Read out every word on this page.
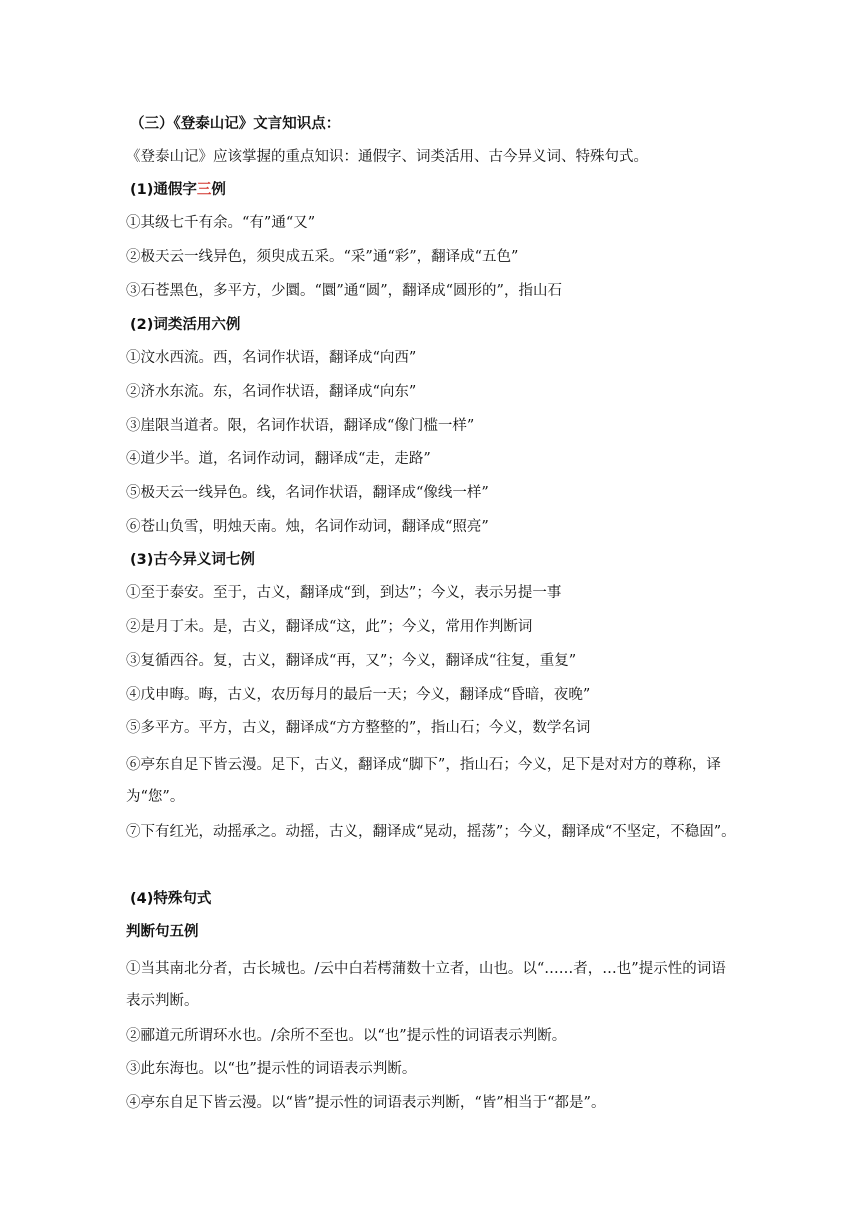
（三）《登泰山记》文言知识点：
《登泰山记》应该掌握的重点知识：通假字、词类活用、古今异义词、特殊句式。
(1)通假字三例
①其级七千有余。“有”通“又”
②极天云一线异色，须臾成五采。“采”通“彩”，翻译成“五色”
③石苍黑色，多平方，少圜。“圜”通“圆”，翻译成“圆形的”，指山石
(2)词类活用六例
①汶水西流。西，名词作状语，翻译成“向西”
②济水东流。东，名词作状语，翻译成“向东”
③崖限当道者。限，名词作状语，翻译成“像门槛一样”
④道少半。道，名词作动词，翻译成“走，走路”
⑤极天云一线异色。线，名词作状语，翻译成“像线一样”
⑥苍山负雪，明烛天南。烛，名词作动词，翻译成“照亮”
(3)古今异义词七例
①至于泰安。至于，古义，翻译成“到，到达”；今义，表示另提一事
②是月丁未。是，古义，翻译成“这，此”；今义，常用作判断词
③复循西谷。复，古义，翻译成“再，又”；今义，翻译成“往复，重复”
④戊申晦。晦，古义，农历每月的最后一天；今义，翻译成“昏暗，夜晚”
⑤多平方。平方，古义，翻译成“方方整整的”，指山石；今义，数学名词
⑥亭东自足下皆云漫。足下，古义，翻译成“脚下”，指山石；今义，足下是对对方的尊称，译为“您”。
⑦下有红光，动摇承之。动摇，古义，翻译成“晃动，摇荡”；今义，翻译成“不坚定，不稳固”。
(4)特殊句式
判断句五例
①当其南北分者，古长城也。/云中白若樗蒲数十立者，山也。以“……者，…也”提示性的词语表示判断。
②郦道元所谓环水也。/余所不至也。以“也”提示性的词语表示判断。
③此东海也。以“也”提示性的词语表示判断。
④亭东自足下皆云漫。以“皆”提示性的词语表示判断，“皆”相当于“都是”。
